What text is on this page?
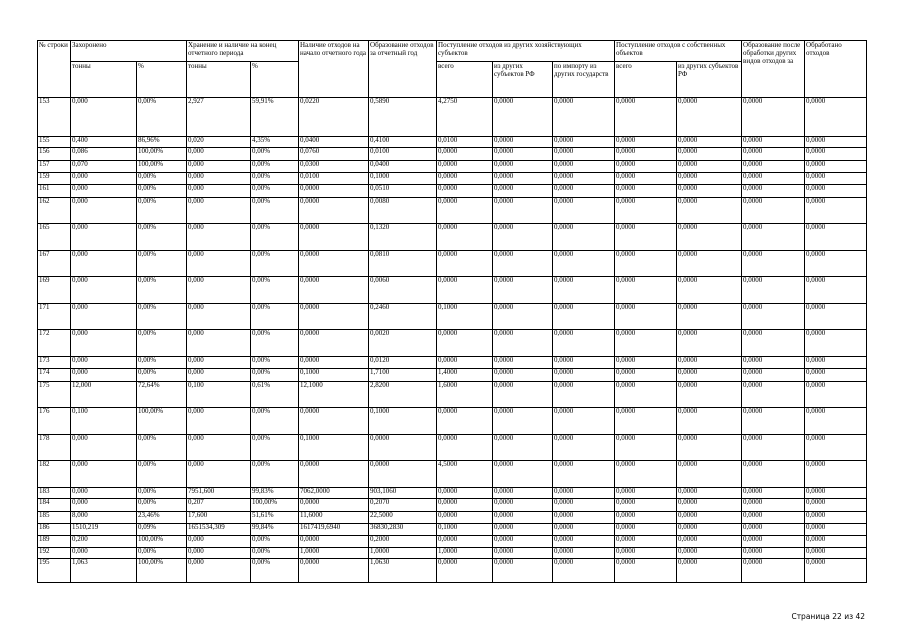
№ строки	Захоронено		Хранение и наличие на конец отчетного периода		Наличие отходов на начало отчетного года	Образование отходов за отчетный год	Поступление отходов из других хозяйствующих субъектов			Поступление отходов с собственных объектов		Образование после обработки других видов отходов за	Обработано отходов
	тонны	%	тонны	%			всего	из других субъектов РФ	по импорту из других государств	всего	из других субъектов РФ		
153	0,000	0,00%	2,927	59,91%	0,0220	0,5890	4,2750	0,0000	0,0000	0,0000	0,0000	0,0000	0,0000
155	0,400	86,96%	0,020	4,35%	0,0400	0,4100	0,0100	0,0000	0,0000	0,0000	0,0000	0,0000	0,0000
156	0,086	100,00%	0,000	0,00%	0,0760	0,0100	0,0000	0,0000	0,0000	0,0000	0,0000	0,0000	0,0000
157	0,070	100,00%	0,000	0,00%	0,0300	0,0400	0,0000	0,0000	0,0000	0,0000	0,0000	0,0000	0,0000
159	0,000	0,00%	0,000	0,00%	0,0100	0,1000	0,0000	0,0000	0,0000	0,0000	0,0000	0,0000	0,0000
161	0,000	0,00%	0,000	0,00%	0,0000	0,0510	0,0000	0,0000	0,0000	0,0000	0,0000	0,0000	0,0000
162	0,000	0,00%	0,000	0,00%	0,0000	0,0080	0,0000	0,0000	0,0000	0,0000	0,0000	0,0000	0,0000
165	0,000	0,00%	0,000	0,00%	0,0000	0,1320	0,0000	0,0000	0,0000	0,0000	0,0000	0,0000	0,0000
167	0,000	0,00%	0,000	0,00%	0,0000	0,0810	0,0000	0,0000	0,0000	0,0000	0,0000	0,0000	0,0000
169	0,000	0,00%	0,000	0,00%	0,0000	0,0060	0,0000	0,0000	0,0000	0,0000	0,0000	0,0000	0,0000
171	0,000	0,00%	0,000	0,00%	0,0000	0,2460	0,1000	0,0000	0,0000	0,0000	0,0000	0,0000	0,0000
172	0,000	0,00%	0,000	0,00%	0,0000	0,0020	0,0000	0,0000	0,0000	0,0000	0,0000	0,0000	0,0000
173	0,000	0,00%	0,000	0,00%	0,0000	0,0120	0,0000	0,0000	0,0000	0,0000	0,0000	0,0000	0,0000
174	0,000	0,00%	0,000	0,00%	0,1000	1,7100	1,4000	0,0000	0,0000	0,0000	0,0000	0,0000	0,0000
175	12,000	72,64%	0,100	0,61%	12,1000	2,8200	1,6000	0,0000	0,0000	0,0000	0,0000	0,0000	0,0000
176	0,100	100,00%	0,000	0,00%	0,0000	0,1000	0,0000	0,0000	0,0000	0,0000	0,0000	0,0000	0,0000
178	0,000	0,00%	0,000	0,00%	0,1000	0,0000	0,0000	0,0000	0,0000	0,0000	0,0000	0,0000	0,0000
182	0,000	0,00%	0,000	0,00%	0,0000	0,0000	4,5000	0,0000	0,0000	0,0000	0,0000	0,0000	0,0000
183	0,000	0,00%	7951,600	99,83%	7062,0000	903,1060	0,0000	0,0000	0,0000	0,0000	0,0000	0,0000	0,0000
184	0,000	0,00%	0,207	100,00%	0,0000	0,2070	0,0000	0,0000	0,0000	0,0000	0,0000	0,0000	0,0000
185	8,000	23,46%	17,600	51,61%	11,6000	22,5000	0,0000	0,0000	0,0000	0,0000	0,0000	0,0000	0,0000
186	1510,219	0,09%	1651534,309	99,84%	1617419,6940	36830,2830	0,1000	0,0000	0,0000	0,0000	0,0000	0,0000	0,0000
189	0,200	100,00%	0,000	0,00%	0,0000	0,2000	0,0000	0,0000	0,0000	0,0000	0,0000	0,0000	0,0000
192	0,000	0,00%	0,000	0,00%	1,0000	1,0000	1,0000	0,0000	0,0000	0,0000	0,0000	0,0000	0,0000
195	1,063	100,00%	0,000	0,00%	0,0000	1,0630	0,0000	0,0000	0,0000	0,0000	0,0000	0,0000	0,0000
Страница 22 из 42
